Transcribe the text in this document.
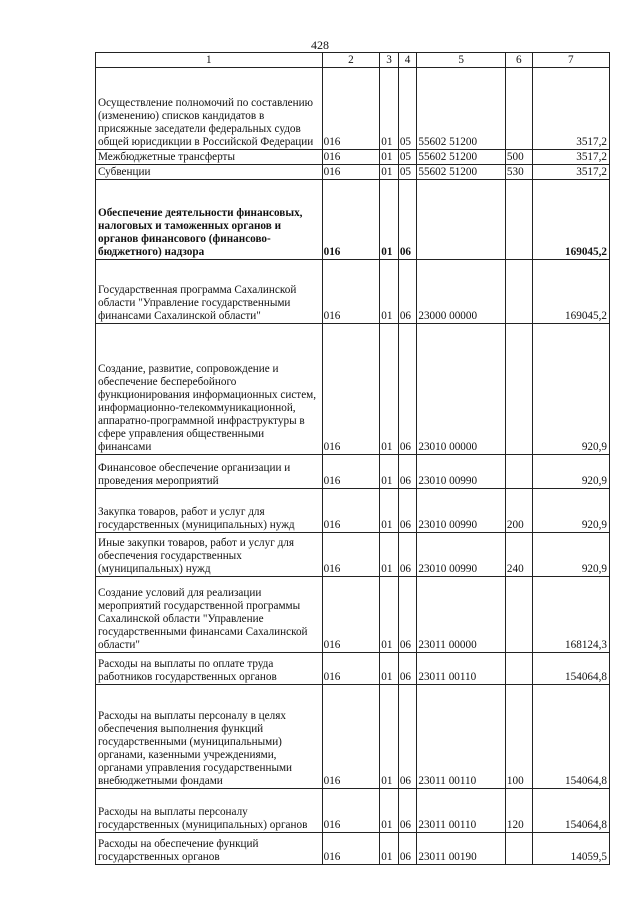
428
1	2	3	4	5	6	7
Осуществление полномочий по составлению (изменению) списков кандидатов в присяжные заседатели федеральных судов общей юрисдикции в Российской Федерации	016	01	05	55602 51200		3517,2
Межбюджетные трансферты	016	01	05	55602 51200	500	3517,2
Субвенции	016	01	05	55602 51200	530	3517,2
Обеспечение деятельности финансовых, налоговых и таможенных органов и органов финансового (финансово-бюджетного) надзора	016	01	06			169045,2
Государственная программа Сахалинской области "Управление государственными финансами Сахалинской области"	016	01	06	23000 00000		169045,2
Создание, развитие, сопровождение и обеспечение бесперебойного функционирования информационных систем, информационно-телекоммуникационной, аппаратно-программной инфраструктуры в сфере управления общественными финансами	016	01	06	23010 00000		920,9
Финансовое обеспечение организации и проведения мероприятий	016	01	06	23010 00990		920,9
Закупка товаров, работ и услуг для государственных (муниципальных) нужд	016	01	06	23010 00990	200	920,9
Иные закупки товаров, работ и услуг для обеспечения государственных (муниципальных) нужд	016	01	06	23010 00990	240	920,9
Создание условий для реализации мероприятий государственной программы Сахалинской области "Управление государственными финансами Сахалинской области"	016	01	06	23011 00000		168124,3
Расходы на выплаты по оплате труда работников государственных органов	016	01	06	23011 00110		154064,8
Расходы на выплаты персоналу в целях обеспечения выполнения функций государственными (муниципальными) органами, казенными учреждениями, органами управления государственными внебюджетными фондами	016	01	06	23011 00110	100	154064,8
Расходы на выплаты персоналу государственных (муниципальных) органов	016	01	06	23011 00110	120	154064,8
Расходы на обеспечение функций государственных органов	016	01	06	23011 00190		14059,5
